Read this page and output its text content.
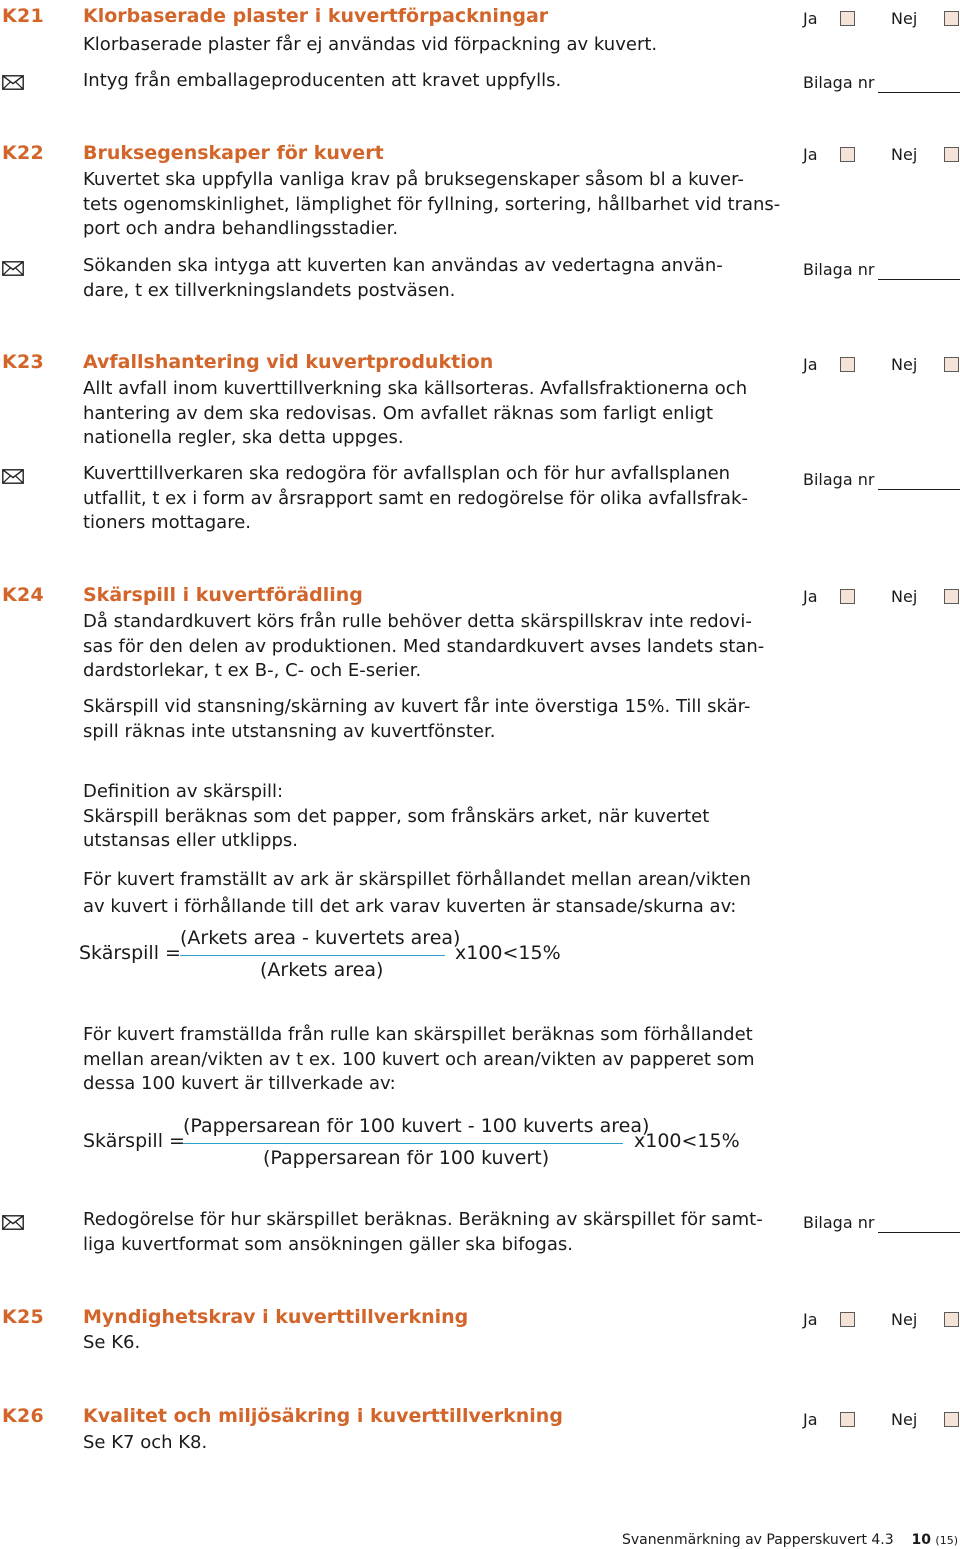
K21 Klorbaserade plaster i kuvertförpackningar	Ja	Nej
Klorbaserade plaster får ej användas vid förpackning av kuvert.
Intyg från emballageproducenten att kravet uppfylls.	Bilaga nr
K22 Bruksegenskaper för kuvert	Ja	Nej
Kuvertet ska uppfylla vanliga krav på bruksegenskaper såsom bl a kuver-
tets ogenomskinlighet, lämplighet för fyllning, sortering, hållbarhet vid trans-
port och andra behandlingsstadier.
Sökanden ska intyga att kuverten kan användas av vedertagna använ-
dare, t ex tillverkningslandets postväsen.
Bilaga nr
K23 Avfallshantering vid kuvertproduktion	Ja	Nej
Allt avfall inom kuverttillverkning ska källsorteras. Avfallsfraktionerna och
hantering av dem ska redovisas. Om avfallet räknas som farligt enligt
nationella regler, ska detta uppges.
Kuverttillverkaren ska redogöra för avfallsplan och för hur avfallsplanen
utfallit, t ex i form av årsrapport samt en redogörelse för olika avfallsfrak-
tioners mottagare.
Bilaga nr
K24 Skärspill i kuvertförädling	Ja	Nej
Då standardkuvert körs från rulle behöver detta skärspillskrav inte redovi-
sas för den delen av produktionen. Med standardkuvert avses landets stan-
dardstorlekar, t ex B-, C- och E-serier.
Skärspill vid stansning/skärning av kuvert får inte överstiga 15%. Till skär-
spill räknas inte utstansning av kuvertfönster.
Definition av skärspill:
Skärspill beräknas som det papper, som frånskärs arket, när kuvertet
utstansas eller utklipps.
För kuvert framställt av ark är skärspillet förhållandet mellan arean/vikten
av kuvert i förhållande till det ark varav kuverten är stansade/skurna av:
Skärspill =
(Arkets area - kuvertets area)
(Arkets area)
x100<15%
För kuvert framställda från rulle kan skärspillet beräknas som förhållandet
mellan arean/vikten av t ex. 100 kuvert och arean/vikten av papperet som
dessa 100 kuvert är tillverkade av:
Skärspill =
(Pappersarean för 100 kuvert - 100 kuverts area)
(Pappersarean för 100 kuvert)
x100<15%
Redogörelse för hur skärspillet beräknas. Beräkning av skärspillet för samt-
liga kuvertformat som ansökningen gäller ska bifogas.
Bilaga nr
K25 Myndighetskrav i kuverttillverkning	Ja	Nej
Se K6.
K26 Kvalitet och miljösäkring i kuverttillverkning	Ja	Nej
Se K7 och K8.
Svanenmärkning av Papperskuvert 4.3 10 (15)
